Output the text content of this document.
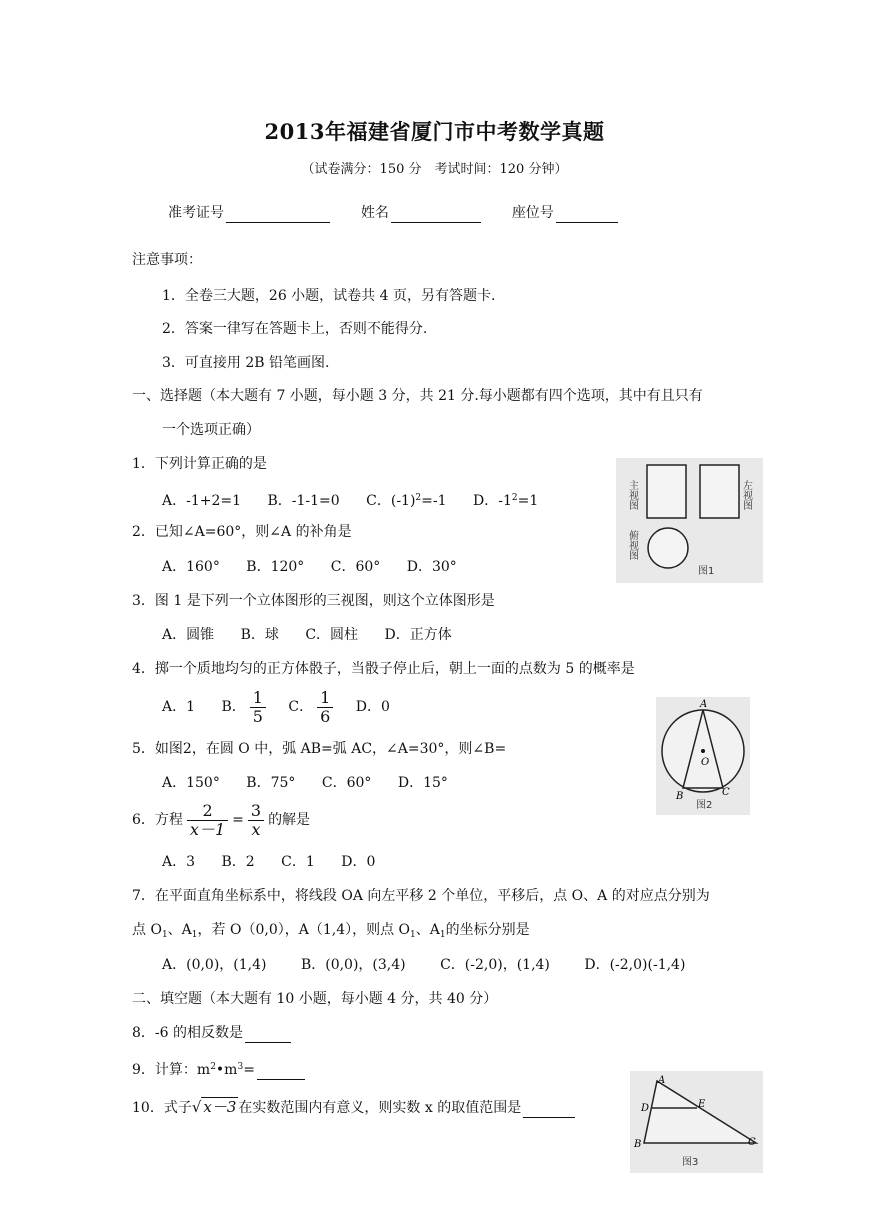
2013年福建省厦门市中考数学真题
（试卷满分：150 分　考试时间：120 分钟）
准考证号	姓名	座位号
注意事项：
1．全卷三大题，26 小题，试卷共 4 页，另有答题卡.
2．答案一律写在答题卡上，否则不能得分.
3．可直接用 2B 铅笔画图.
一、选择题（本大题有 7 小题，每小题 3 分，共 21 分.每小题都有四个选项，其中有且只有
一个选项正确）
1．下列计算正确的是
A．-1+2=1 B．-1-1=0 C．$(-1)^2=-1$ D．$-1^2=1$
2．已知∠A=60°，则∠A 的补角是
A．160° B．120° C．60° D．30°
3．图 1 是下列一个立体图形的三视图，则这个立体图形是
A．圆锥 B．球 C．圆柱 D．正方体
4．掷一个质地均匀的正方体骰子，当骰子停止后，朝上一面的点数为 5 的概率是
A．1 B． $\frac{1}{5}$ C． $\frac{1}{6}$ D．0
5．如图2，在圆 O 中，弧 AB=弧 AC，∠A=30°，则∠B=
A．150° B．75° C．60° D．15°
6．方程 $\frac{2}{x-1} = \frac{3}{x}$ 的解是
A．3 B．2 C．1 D．0
7．在平面直角坐标系中，将线段 OA 向左平移 2 个单位，平移后，点 O、A 的对应点分别为
点 $O_1$、$A_1$，若 O（0,0），A（1,4），则点 $O_1$、$A_1$的坐标分别是
A．(0,0)，(1,4) B．(0,0)，(3,4) C．(-2,0)，(1,4) D．(-2,0)(-1,4)
二、填空题（本大题有 10 小题，每小题 4 分，共 40 分）
8．-6 的相反数是
9．计算：$m^2•m^3=$
10．式子√ x－3 在实数范围内有意义，则实数 x 的取值范围是
主视图	左视图
俯视图
图1
A
O
B	C
图2
A
D	E
B	C
图3
